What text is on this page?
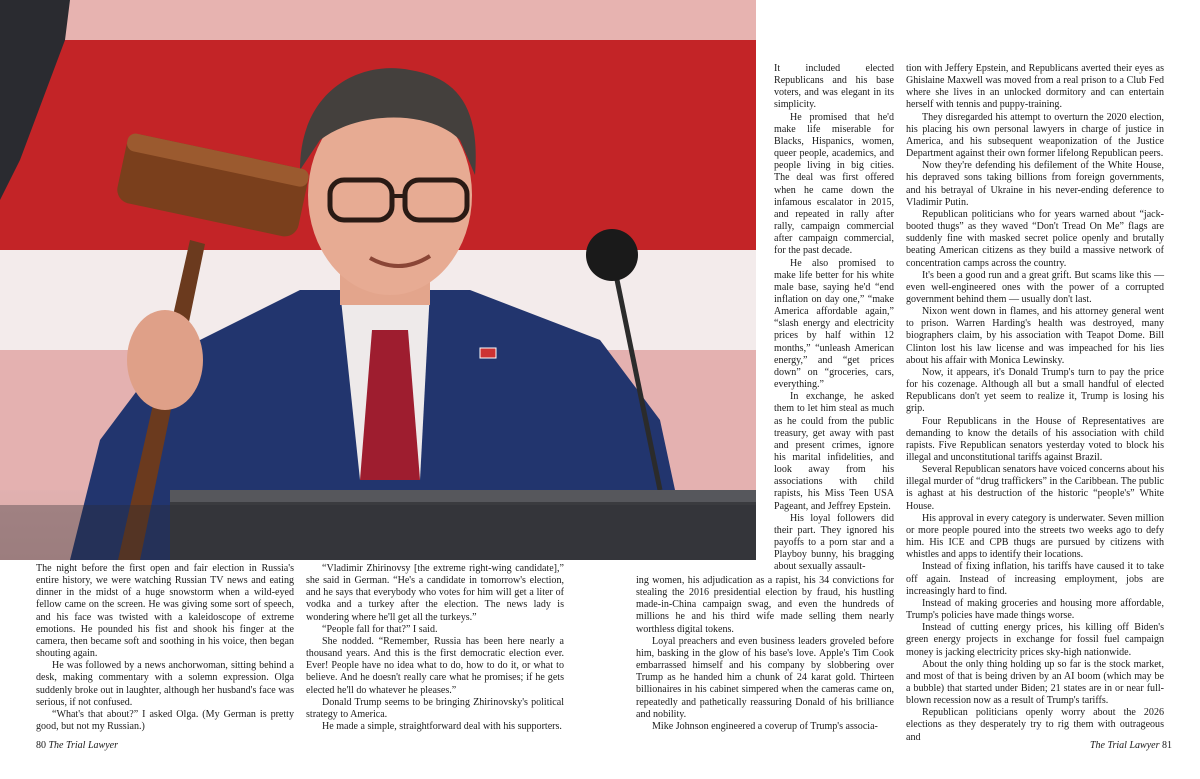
The night before the first open and fair election in Russia's entire history, we were watching Russian TV news and eating dinner in the midst of a huge snowstorm when a wild-eyed fellow came on the screen. He was giving some sort of speech, and his face was twisted with a kaleidoscope of extreme emotions. He pounded his fist and shook his finger at the camera, then became soft and soothing in his voice, then began shouting again.

He was followed by a news anchorwoman, sitting behind a desk, making commentary with a solemn expression. Olga suddenly broke out in laughter, although her husband's face was serious, if not confused.

“What's that about?” I asked Olga. (My German is pretty good, but not my Russian.)

“Vladimir Zhirinovsy [the extreme right-wing candidate],” she said in German. “He's a candidate in tomorrow's election, and he says that everybody who votes for him will get a liter of vodka and a turkey after the election. The news lady is wondering where he'll get all the turkeys.”

“People fall for that?” I said.

She nodded. “Remember, Russia has been here nearly a thousand years. And this is the first democratic election ever. Ever! People have no idea what to do, how to do it, or what to believe. And he doesn't really care what he promises; if he gets elected he'll do whatever he pleases.”

Donald Trump seems to be bringing Zhirinovsky's political strategy to America.

He made a simple, straightforward deal with his supporters.

It included elected Republicans and his base voters, and was elegant in its simplicity.

He promised that he'd make life miserable for Blacks, Hispanics, women, queer people, academics, and people living in big cities. The deal was first offered when he came down the infamous escalator in 2015, and repeated in rally after rally, campaign commercial after campaign commercial, for the past decade.

He also promised to make life better for his white male base, saying he'd “end inflation on day one,” “make America affordable again,” “slash energy and electricity prices by half within 12 months,” “unleash American energy,” and “get prices down” on “groceries, cars, everything.”

In exchange, he asked them to let him steal as much as he could from the public treasury, get away with past and present crimes, ignore his marital infidelities, and look away from his associations with child rapists, his Miss Teen USA Pageant, and Jeffrey Epstein.

His loyal followers did their part. They ignored his payoffs to a porn star and a Playboy bunny, his bragging about sexually assault-

ing women, his adjudication as a rapist, his 34 convictions for stealing the 2016 presidential election by fraud, his hustling made-in-China campaign swag, and even the hundreds of millions he and his third wife made selling them nearly worthless digital tokens.

Loyal preachers and even business leaders groveled before him, basking in the glow of his base's love. Apple's Tim Cook embarrassed himself and his company by slobbering over Trump as he handed him a chunk of 24 karat gold. Thirteen billionaires in his cabinet simpered when the cameras came on, repeatedly and pathetically reassuring Donald of his brilliance and nobility.

Mike Johnson engineered a coverup of Trump's associa-

tion with Jeffery Epstein, and Republicans averted their eyes as Ghislaine Maxwell was moved from a real prison to a Club Fed where she lives in an unlocked dormitory and can entertain herself with tennis and puppy-training.

They disregarded his attempt to overturn the 2020 election, his placing his own personal lawyers in charge of justice in America, and his subsequent weaponization of the Justice Department against their own former lifelong Republican peers.

Now they're defending his defilement of the White House, his depraved sons taking billions from foreign governments, and his betrayal of Ukraine in his never-ending deference to Vladimir Putin.

Republican politicians who for years warned about “jack-booted thugs” as they waved “Don't Tread On Me” flags are suddenly fine with masked secret police openly and brutally beating American citizens as they build a massive network of concentration camps across the country.

It's been a good run and a great grift. But scams like this — even well-engineered ones with the power of a corrupted government behind them — usually don't last.

Nixon went down in flames, and his attorney general went to prison. Warren Harding's health was destroyed, many biographers claim, by his association with Teapot Dome. Bill Clinton lost his law license and was impeached for his lies about his affair with Monica Lewinsky.

Now, it appears, it's Donald Trump's turn to pay the price for his cozenage. Although all but a small handful of elected Republicans don't yet seem to realize it, Trump is losing his grip.

Four Republicans in the House of Representatives are demanding to know the details of his association with child rapists. Five Republican senators yesterday voted to block his illegal and unconstitutional tariffs against Brazil.

Several Republican senators have voiced concerns about his illegal murder of “drug traffickers” in the Caribbean. The public is aghast at his destruction of the historic “people's” White House.

His approval in every category is underwater. Seven million or more people poured into the streets two weeks ago to defy him. His ICE and CPB thugs are pursued by citizens with whistles and apps to identify their locations.

Instead of fixing inflation, his tariffs have caused it to take off again. Instead of increasing employment, jobs are increasingly hard to find.

Instead of making groceries and housing more affordable, Trump's policies have made things worse.

Instead of cutting energy prices, his killing off Biden's green energy projects in exchange for fossil fuel campaign money is jacking electricity prices sky-high nationwide.

About the only thing holding up so far is the stock market, and most of that is being driven by an AI boom (which may be a bubble) that started under Biden; 21 states are in or near full-blown recession now as a result of Trump's tariffs.

Republican politicians openly worry about the 2026 elections as they desperately try to rig them with outrageous and

80 The Trial Lawyer	The Trial Lawyer 81
